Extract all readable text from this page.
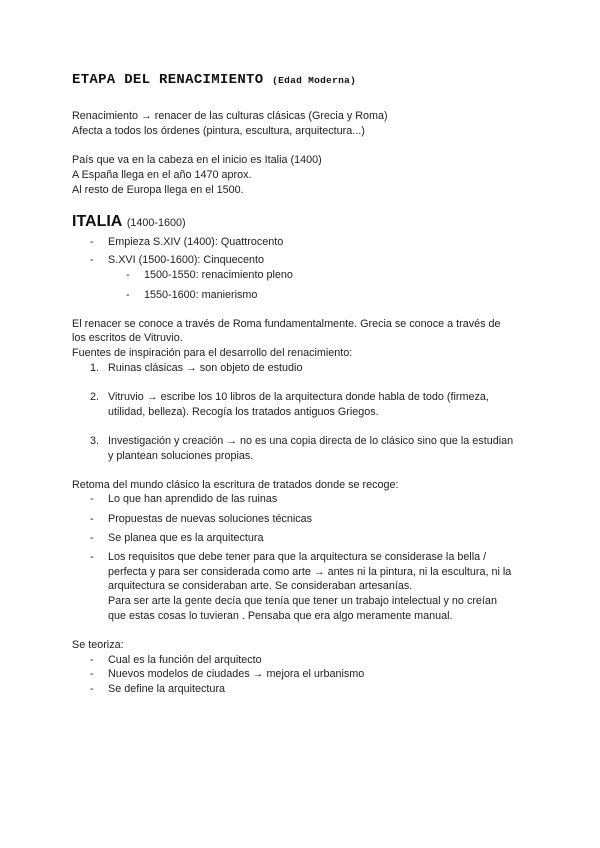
ETAPA DEL RENACIMIENTO (Edad Moderna)
Renacimiento → renacer de las culturas clásicas (Grecia y Roma)
Afecta a todos los órdenes (pintura, escultura, arquitectura...)
País que va en la cabeza en el inicio es Italia (1400)
A España llega en el año 1470 aprox.
Al resto de Europa llega en el 1500.
ITALIA (1400-1600)
- Empieza S.XIV (1400): Quattrocento
- S.XVI (1500-1600): Cinquecento
- 1500-1550: renacimiento pleno
- 1550-1600: manierismo
El renacer se conoce a través de Roma fundamentalmente. Grecia se conoce a través de
los escritos de Vitruvio.
Fuentes de inspiración para el desarrollo del renacimiento:
1. Ruinas clásicas → son objeto de estudio
2. Vitruvio → escribe los 10 libros de la arquitectura donde habla de todo (firmeza,
utilidad, belleza). Recogía los tratados antiguos Griegos.
3. Investigación y creación → no es una copia directa de lo clásico sino que la estudian
y plantean soluciones propias.
Retoma del mundo clásico la escritura de tratados donde se recoge:
- Lo que han aprendido de las ruinas
- Propuestas de nuevas soluciones técnicas
- Se planea que es la arquitectura
- Los requisitos que debe tener para que la arquitectura se considerase la bella /
perfecta y para ser considerada como arte → antes ni la pintura, ni la escultura, ni la
arquitectura se consideraban arte. Se consideraban artesanías.
Para ser arte la gente decía que tenía que tener un trabajo intelectual y no creían
que estas cosas lo tuvieran . Pensaba que era algo meramente manual.
Se teoriza:
- Cual es la función del arquitecto
- Nuevos modelos de ciudades → mejora el urbanismo
- Se define la arquitectura
